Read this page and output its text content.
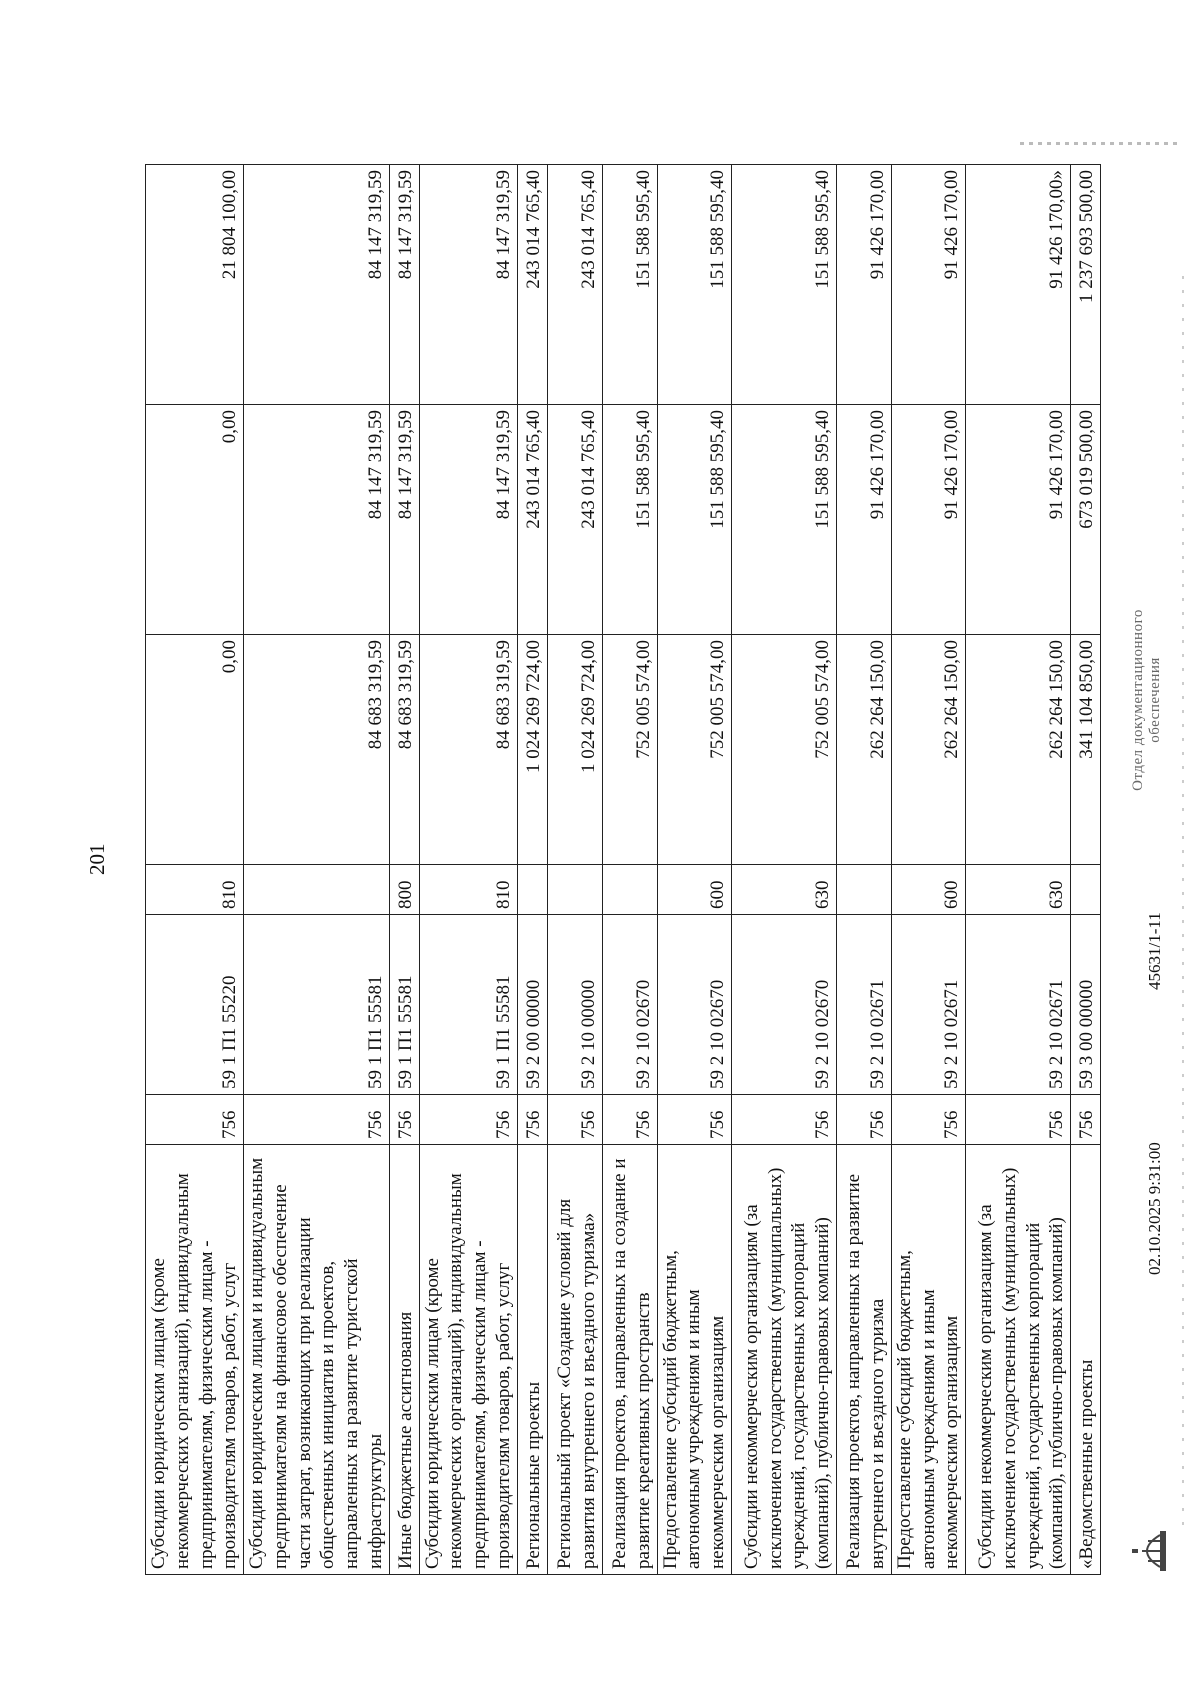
201
Субсидии юридическим лицам (кроме некоммерческих организаций), индивидуальным предпринимателям, физическим лицам - производителям товаров, работ, услуг	756	59 1 П1 55220	810	0,00	0,00	21 804 100,00
Субсидии юридическим лицам и индивидуальным предпринимателям на финансовое обеспечение части затрат, возникающих при реализации общественных инициатив и проектов, направленных на развитие туристской инфраструктуры	756	59 1 П1 55581		84 683 319,59	84 147 319,59	84 147 319,59
Иные бюджетные ассигнования	756	59 1 П1 55581	800	84 683 319,59	84 147 319,59	84 147 319,59
Субсидии юридическим лицам (кроме некоммерческих организаций), индивидуальным предпринимателям, физическим лицам - производителям товаров, работ, услуг	756	59 1 П1 55581	810	84 683 319,59	84 147 319,59	84 147 319,59
Региональные проекты	756	59 2 00 00000		1 024 269 724,00	243 014 765,40	243 014 765,40
Региональный проект «Создание условий для развития внутреннего и въездного туризма»	756	59 2 10 00000		1 024 269 724,00	243 014 765,40	243 014 765,40
Реализация проектов, направленных на создание и развитие креативных пространств	756	59 2 10 02670		752 005 574,00	151 588 595,40	151 588 595,40
Предоставление субсидий бюджетным, автономным учреждениям и иным некоммерческим организациям	756	59 2 10 02670	600	752 005 574,00	151 588 595,40	151 588 595,40
Субсидии некоммерческим организациям (за исключением государственных (муниципальных) учреждений, государственных корпораций (компаний), публично-правовых компаний)	756	59 2 10 02670	630	752 005 574,00	151 588 595,40	151 588 595,40
Реализация проектов, направленных на развитие внутреннего и въездного туризма	756	59 2 10 02671		262 264 150,00	91 426 170,00	91 426 170,00
Предоставление субсидий бюджетным, автономным учреждениям и иным некоммерческим организациям	756	59 2 10 02671	600	262 264 150,00	91 426 170,00	91 426 170,00
Субсидии некоммерческим организациям (за исключением государственных (муниципальных) учреждений, государственных корпораций (компаний), публично-правовых компаний)	756	59 2 10 02671	630	262 264 150,00	91 426 170,00	91 426 170,00»
«Ведомственные проекты	756	59 3 00 00000		341 104 850,00	673 019 500,00	1 237 693 500,00
02.10.2025 9:31:00
45631/1-11
Отдел документационного обеспечения
